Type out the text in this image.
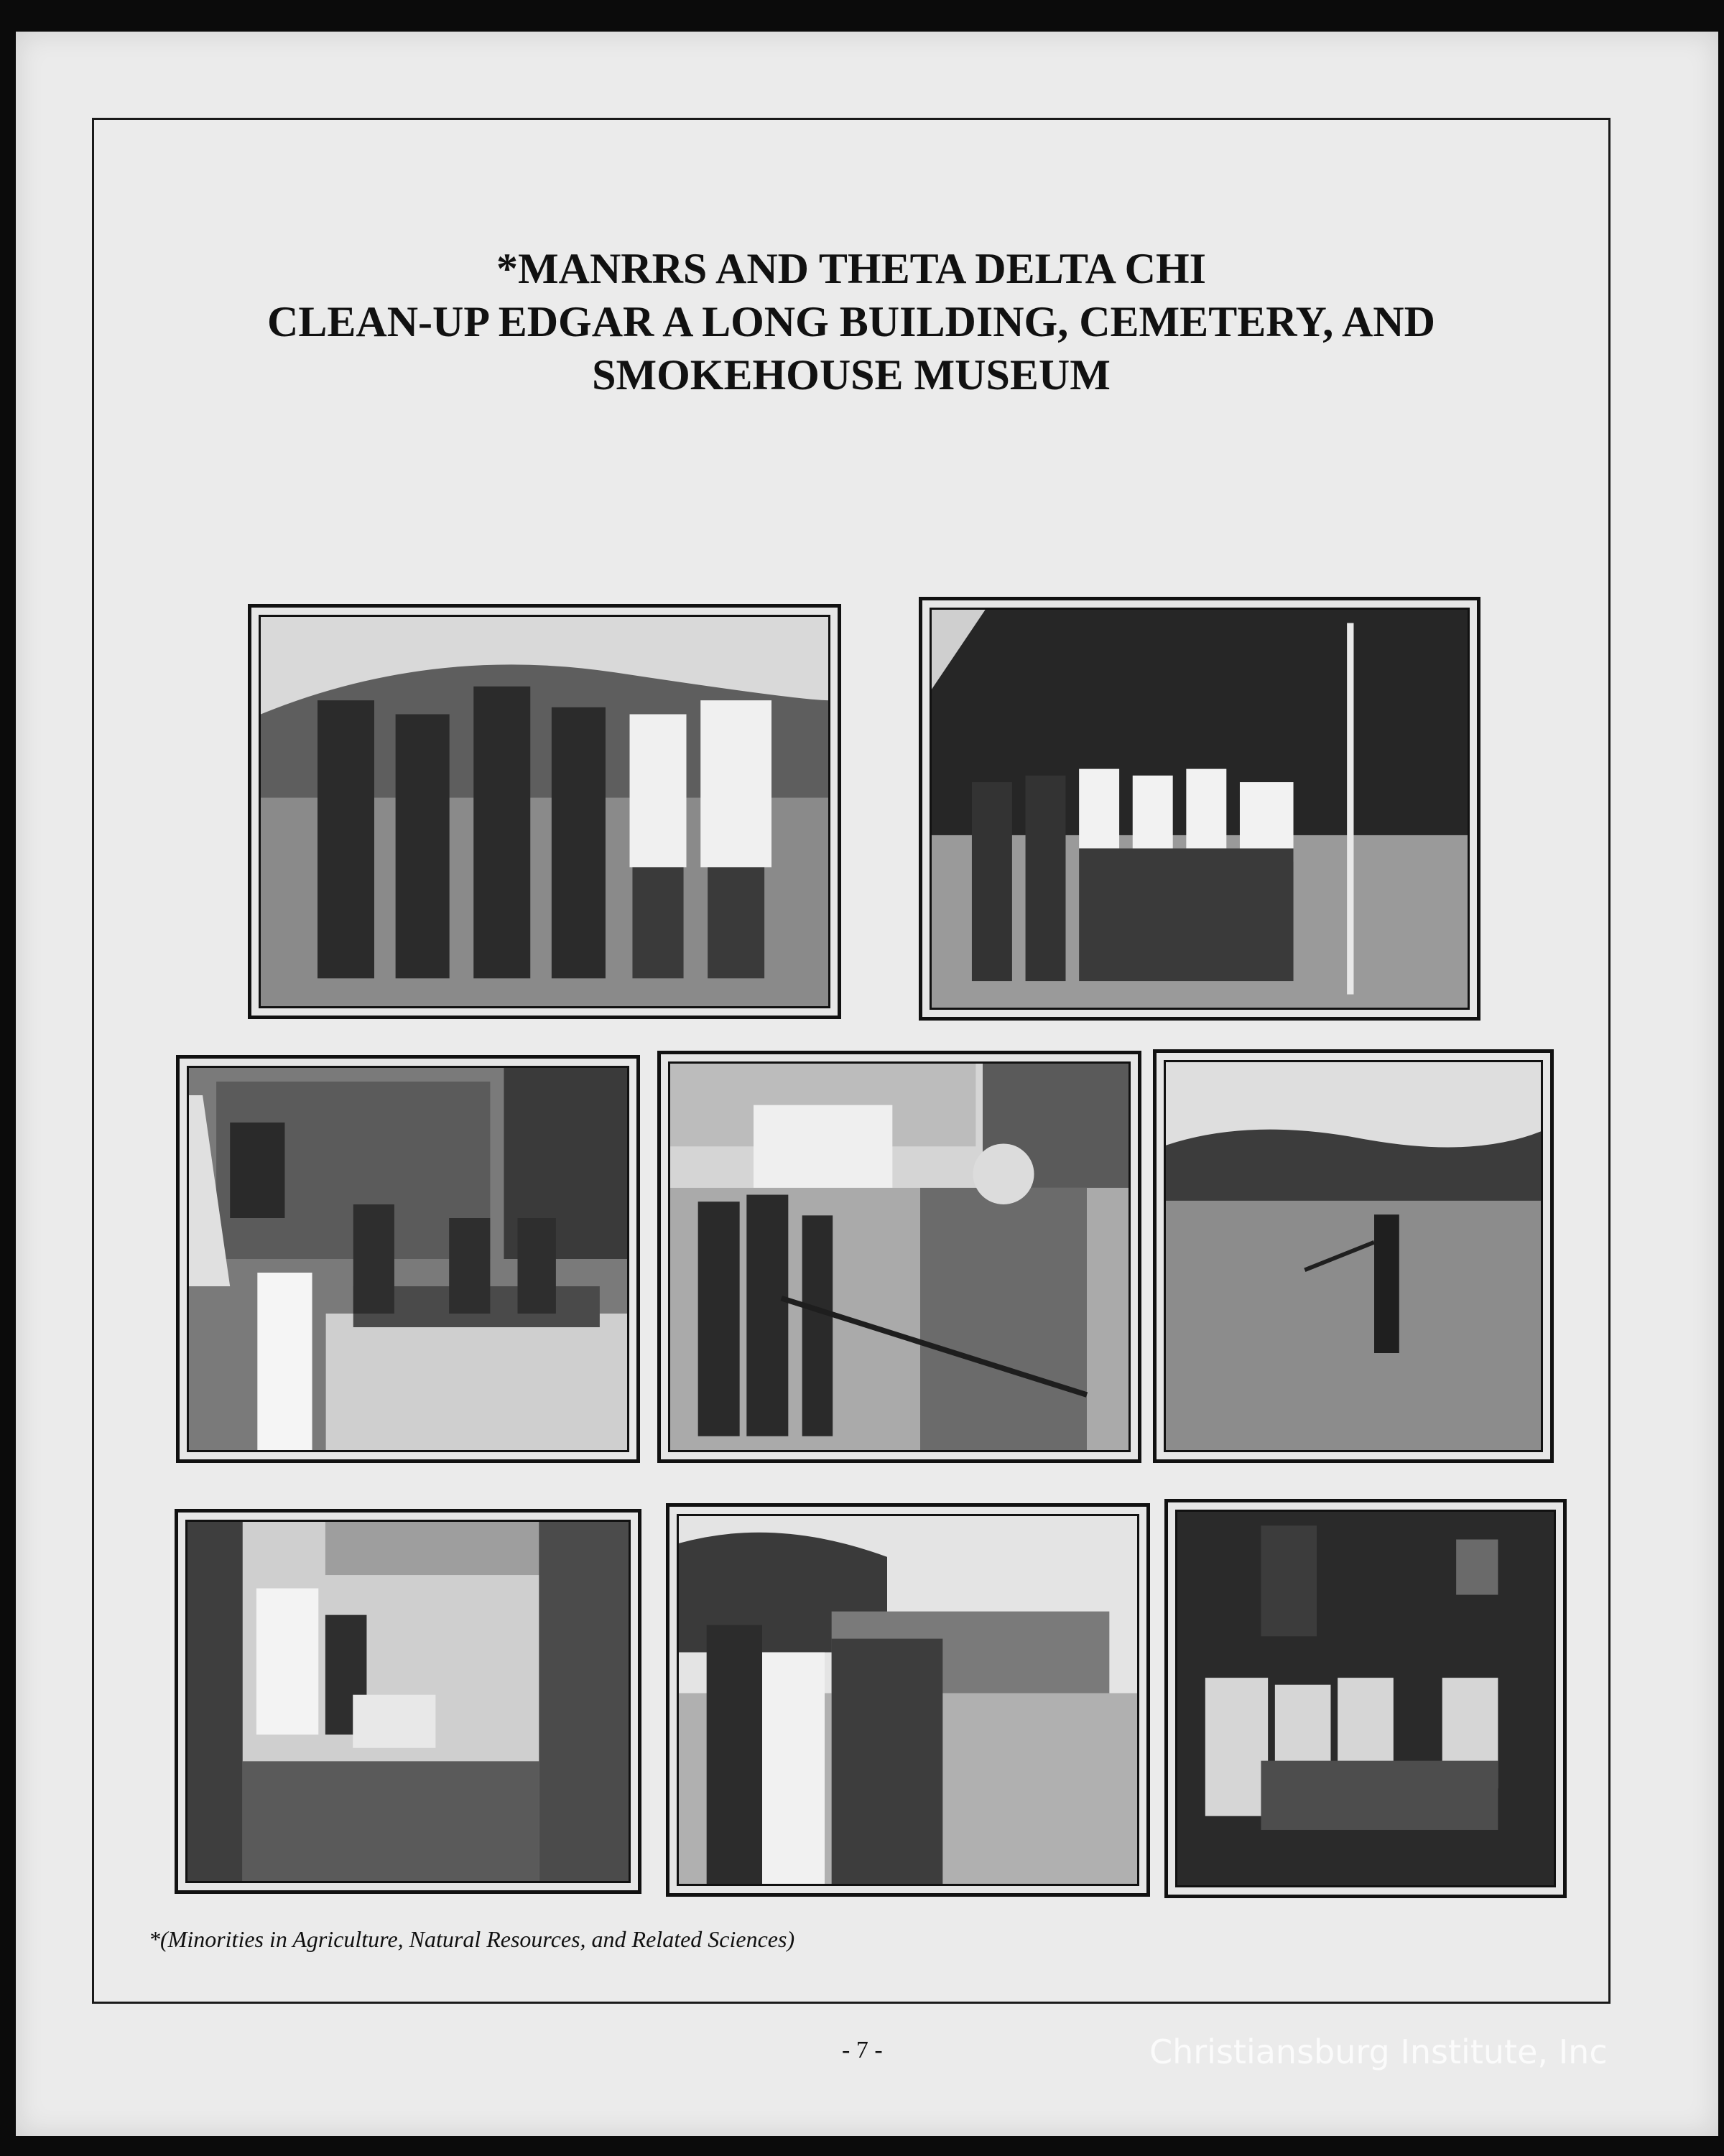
*MANRRS AND THETA DELTA CHI
CLEAN-UP EDGAR A LONG BUILDING, CEMETERY, AND
SMOKEHOUSE MUSEUM
*(Minorities in Agriculture, Natural Resources, and Related Sciences)
- 7 -	Christiansburg Institute, Inc
